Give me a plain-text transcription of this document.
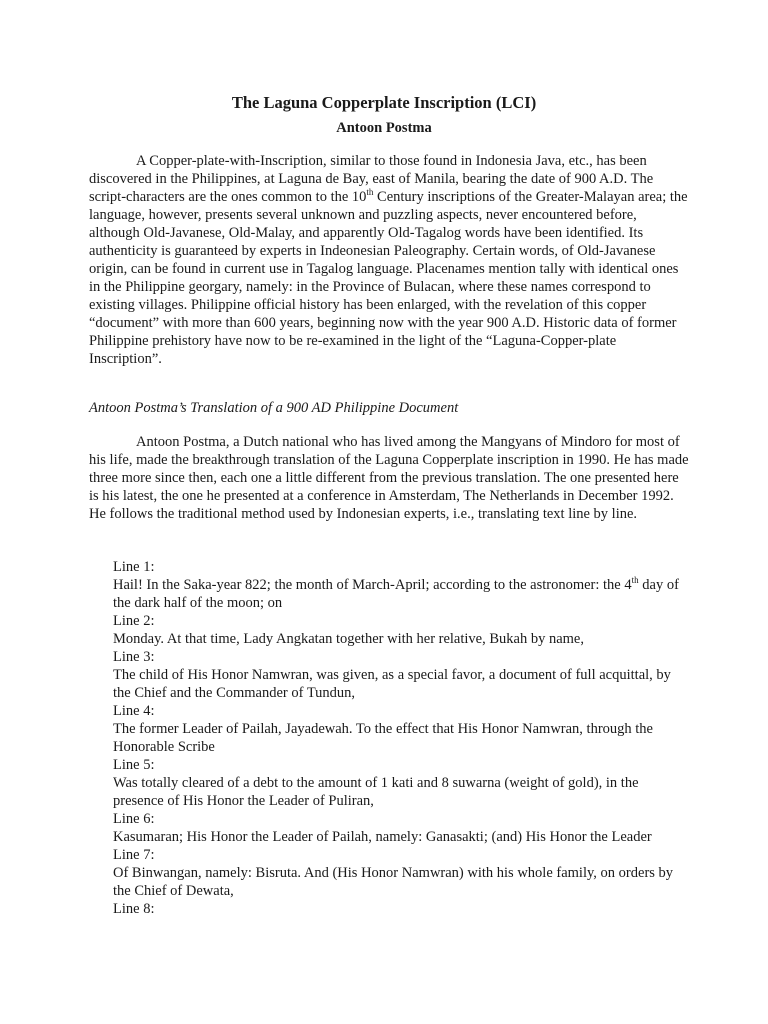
The Laguna Copperplate Inscription (LCI)
Antoon Postma

A Copper-plate-with-Inscription, similar to those found in Indonesia Java, etc., has been discovered in the Philippines, at Laguna de Bay, east of Manila, bearing the date of 900 A.D. The script-characters are the ones common to the 10th Century inscriptions of the Greater-Malayan area; the language, however, presents several unknown and puzzling aspects, never encountered before, although Old-Javanese, Old-Malay, and apparently Old-Tagalog words have been identified. Its authenticity is guaranteed by experts in Indeonesian Paleography. Certain words, of Old-Javanese origin, can be found in current use in Tagalog language. Placenames mention tally with identical ones in the Philippine georgary, namely: in the Province of Bulacan, where these names correspond to existing villages. Philippine official history has been enlarged, with the revelation of this copper “document” with more than 600 years, beginning now with the year 900 A.D. Historic data of former Philippine prehistory have now to be re-examined in the light of the “Laguna-Copper-plate Inscription”.

Antoon Postma’s Translation of a 900 AD Philippine Document

Antoon Postma, a Dutch national who has lived among the Mangyans of Mindoro for most of his life, made the breakthrough translation of the Laguna Copperplate inscription in 1990. He has made three more since then, each one a little different from the previous translation. The one presented here is his latest, the one he presented at a conference in Amsterdam, The Netherlands in December 1992. He follows the traditional method used by Indonesian experts, i.e., translating text line by line.

Line 1:

Hail! In the Saka-year 822; the month of March-April; according to the astronomer: the 4th day of the dark half of the moon; on

Line 2:

Monday. At that time, Lady Angkatan together with her relative, Bukah by name,

Line 3:

The child of His Honor Namwran, was given, as a special favor, a document of full acquittal, by the Chief and the Commander of Tundun,

Line 4:

The former Leader of Pailah, Jayadewah. To the effect that His Honor Namwran, through the Honorable Scribe

Line 5:

Was totally cleared of a debt to the amount of 1 kati and 8 suwarna (weight of gold), in the presence of His Honor the Leader of Puliran,

Line 6:

Kasumaran; His Honor the Leader of Pailah, namely: Ganasakti; (and) His Honor the Leader

Line 7:

Of Binwangan, namely: Bisruta. And (His Honor Namwran) with his whole family, on orders by the Chief of Dewata,

Line 8:
